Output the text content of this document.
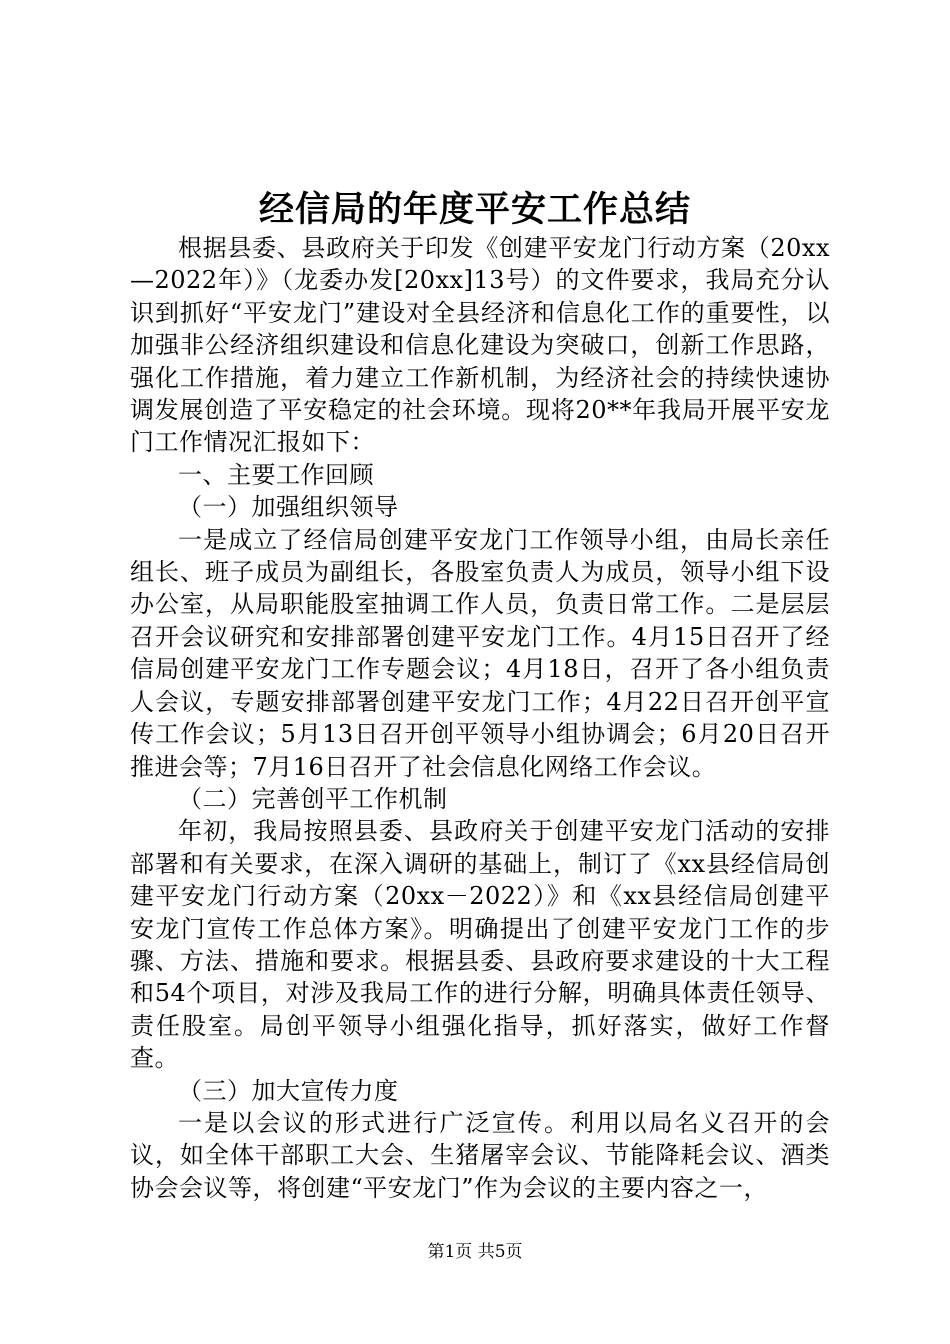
经信局的年度平安工作总结

根据县委、县政府关于印发《创建平安龙门行动方案（20xx—2022年）》（龙委办发[20xx]13号）的文件要求，我局充分认识到抓好“平安龙门”建设对全县经济和信息化工作的重要性，以加强非公经济组织建设和信息化建设为突破口，创新工作思路，强化工作措施，着力建立工作新机制，为经济社会的持续快速协调发展创造了平安稳定的社会环境。现将20**年我局开展平安龙门工作情况汇报如下：

一、主要工作回顾

（一）加强组织领导

一是成立了经信局创建平安龙门工作领导小组，由局长亲任组长、班子成员为副组长，各股室负责人为成员，领导小组下设办公室，从局职能股室抽调工作人员，负责日常工作。二是层层召开会议研究和安排部署创建平安龙门工作。4月15日召开了经信局创建平安龙门工作专题会议；4月18日，召开了各小组负责人会议，专题安排部署创建平安龙门工作；4月22日召开创平宣传工作会议；5月13日召开创平领导小组协调会；6月20日召开推进会等；7月16日召开了社会信息化网络工作会议。

（二）完善创平工作机制

年初，我局按照县委、县政府关于创建平安龙门活动的安排部署和有关要求，在深入调研的基础上，制订了《xx县经信局创建平安龙门行动方案（20xx－2022）》和《xx县经信局创建平安龙门宣传工作总体方案》。明确提出了创建平安龙门工作的步骤、方法、措施和要求。根据县委、县政府要求建设的十大工程和54个项目，对涉及我局工作的进行分解，明确具体责任领导、责任股室。局创平领导小组强化指导，抓好落实，做好工作督查。

（三）加大宣传力度

一是以会议的形式进行广泛宣传。利用以局名义召开的会议，如全体干部职工大会、生猪屠宰会议、节能降耗会议、酒类协会会议等，将创建“平安龙门”作为会议的主要内容之一，

第1页 共5页
